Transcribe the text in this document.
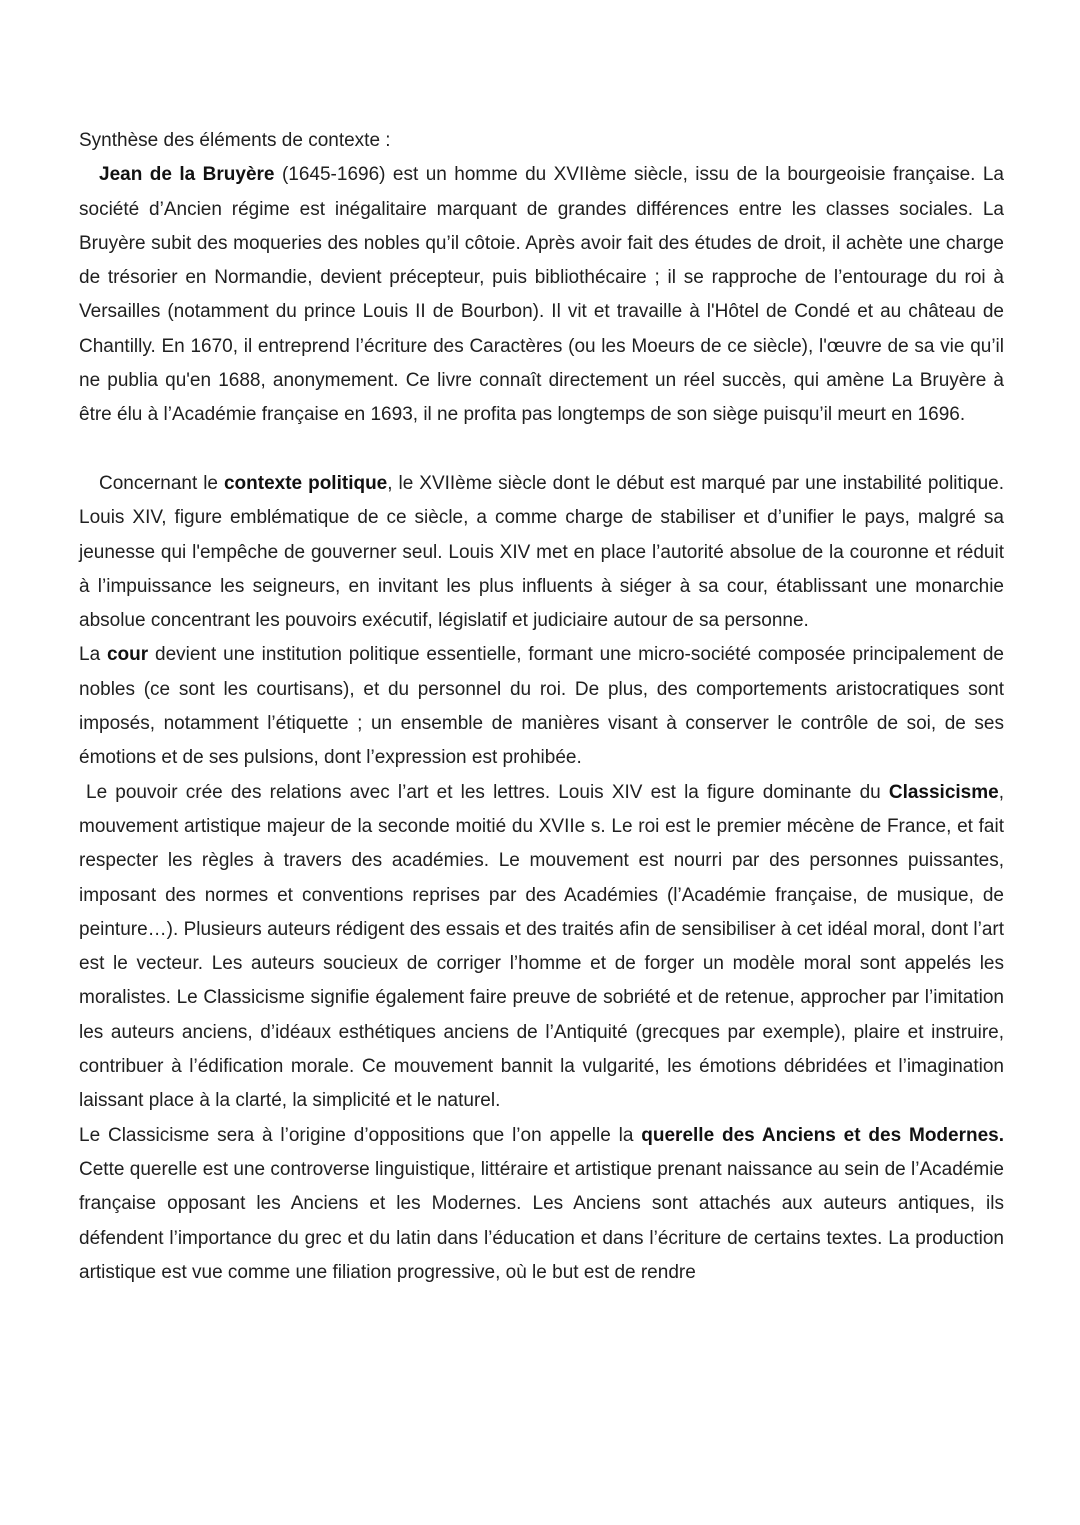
Synthèse des éléments de contexte :

Jean de la Bruyère (1645-1696) est un homme du XVIIème siècle, issu de la bourgeoisie française. La société d’Ancien régime est inégalitaire marquant de grandes différences entre les classes sociales. La Bruyère subit des moqueries des nobles qu’il côtoie. Après avoir fait des études de droit, il achète une charge de trésorier en Normandie, devient précepteur, puis bibliothécaire ; il se rapproche de l’entourage du roi à Versailles (notamment du prince Louis II de Bourbon). Il vit et travaille à l'Hôtel de Condé et au château de Chantilly. En 1670, il entreprend l’écriture des Caractères (ou les Moeurs de ce siècle), l'œuvre de sa vie qu’il ne publia qu'en 1688, anonymement. Ce livre connaît directement un réel succès, qui amène La Bruyère à être élu à l’Académie française en 1693, il ne profita pas longtemps de son siège puisqu’il meurt en 1696.

Concernant le contexte politique, le XVIIème siècle dont le début est marqué par une instabilité politique. Louis XIV, figure emblématique de ce siècle, a comme charge de stabiliser et d’unifier le pays, malgré sa jeunesse qui l'empêche de gouverner seul. Louis XIV met en place l’autorité absolue de la couronne et réduit à l’impuissance les seigneurs, en invitant les plus influents à siéger à sa cour, établissant une monarchie absolue concentrant les pouvoirs exécutif, législatif et judiciaire autour de sa personne.

La cour devient une institution politique essentielle, formant une micro-société composée principalement de nobles (ce sont les courtisans), et du personnel du roi. De plus, des comportements aristocratiques sont imposés, notamment l’étiquette ; un ensemble de manières visant à conserver le contrôle de soi, de ses émotions et de ses pulsions, dont l’expression est prohibée.

Le pouvoir crée des relations avec l’art et les lettres. Louis XIV est la figure dominante du Classicisme, mouvement artistique majeur de la seconde moitié du XVIIe s. Le roi est le premier mécène de France, et fait respecter les règles à travers des académies. Le mouvement est nourri par des personnes puissantes, imposant des normes et conventions reprises par des Académies (l’Académie française, de musique, de peinture…). Plusieurs auteurs rédigent des essais et des traités afin de sensibiliser à cet idéal moral, dont l’art est le vecteur. Les auteurs soucieux de corriger l’homme et de forger un modèle moral sont appelés les moralistes. Le Classicisme signifie également faire preuve de sobriété et de retenue, approcher par l’imitation les auteurs anciens, d’idéaux esthétiques anciens de l’Antiquité (grecques par exemple), plaire et instruire, contribuer à l’édification morale. Ce mouvement bannit la vulgarité, les émotions débridées et l’imagination laissant place à la clarté, la simplicité et le naturel.

Le Classicisme sera à l’origine d’oppositions que l’on appelle la querelle des Anciens et des Modernes. Cette querelle est une controverse linguistique, littéraire et artistique prenant naissance au sein de l’Académie française opposant les Anciens et les Modernes. Les Anciens sont attachés aux auteurs antiques, ils défendent l’importance du grec et du latin dans l’éducation et dans l’écriture de certains textes. La production artistique est vue comme une filiation progressive, où le but est de rendre
